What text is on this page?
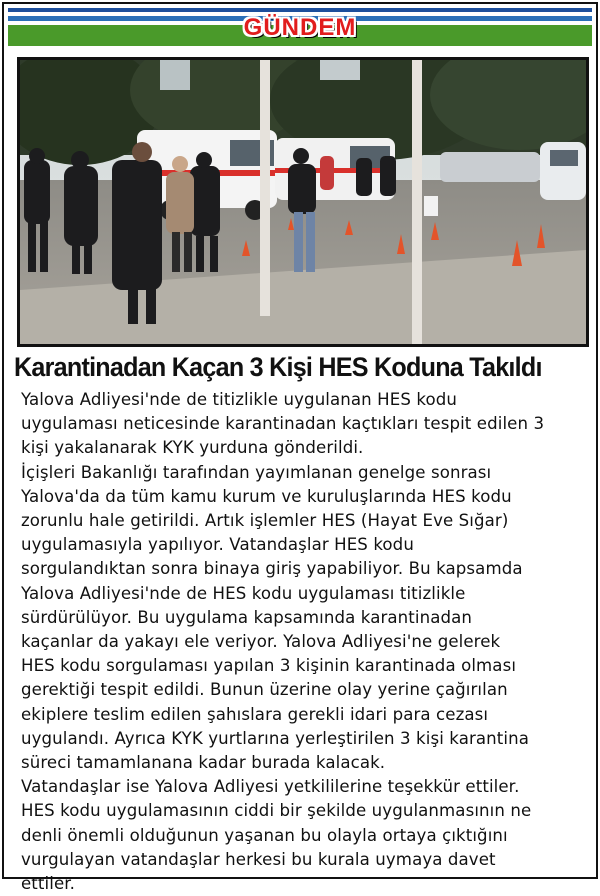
GÜNDEM
Karantinadan Kaçan 3 Kişi HES Koduna Takıldı

Yalova Adliyesi'nde de titizlikle uygulanan HES kodu

uygulaması neticesinde karantinadan kaçtıkları tespit edilen 3

kişi yakalanarak KYK yurduna gönderildi.

İçişleri Bakanlığı tarafından yayımlanan genelge sonrası

Yalova'da da tüm kamu kurum ve kuruluşlarında HES kodu

zorunlu hale getirildi. Artık işlemler HES (Hayat Eve Sığar)

uygulamasıyla yapılıyor. Vatandaşlar HES kodu

sorgulandıktan sonra binaya giriş yapabiliyor. Bu kapsamda

Yalova Adliyesi'nde de HES kodu uygulaması titizlikle

sürdürülüyor. Bu uygulama kapsamında karantinadan

kaçanlar da yakayı ele veriyor. Yalova Adliyesi'ne gelerek

HES kodu sorgulaması yapılan 3 kişinin karantinada olması

gerektiği tespit edildi. Bunun üzerine olay yerine çağırılan

ekiplere teslim edilen şahıslara gerekli idari para cezası

uygulandı. Ayrıca KYK yurtlarına yerleştirilen 3 kişi karantina

süreci tamamlanana kadar burada kalacak.

Vatandaşlar ise Yalova Adliyesi yetkililerine teşekkür ettiler.

HES kodu uygulamasının ciddi bir şekilde uygulanmasının ne

denli önemli olduğunun yaşanan bu olayla ortaya çıktığını

vurgulayan vatandaşlar herkesi bu kurala uymaya davet

ettiler.
